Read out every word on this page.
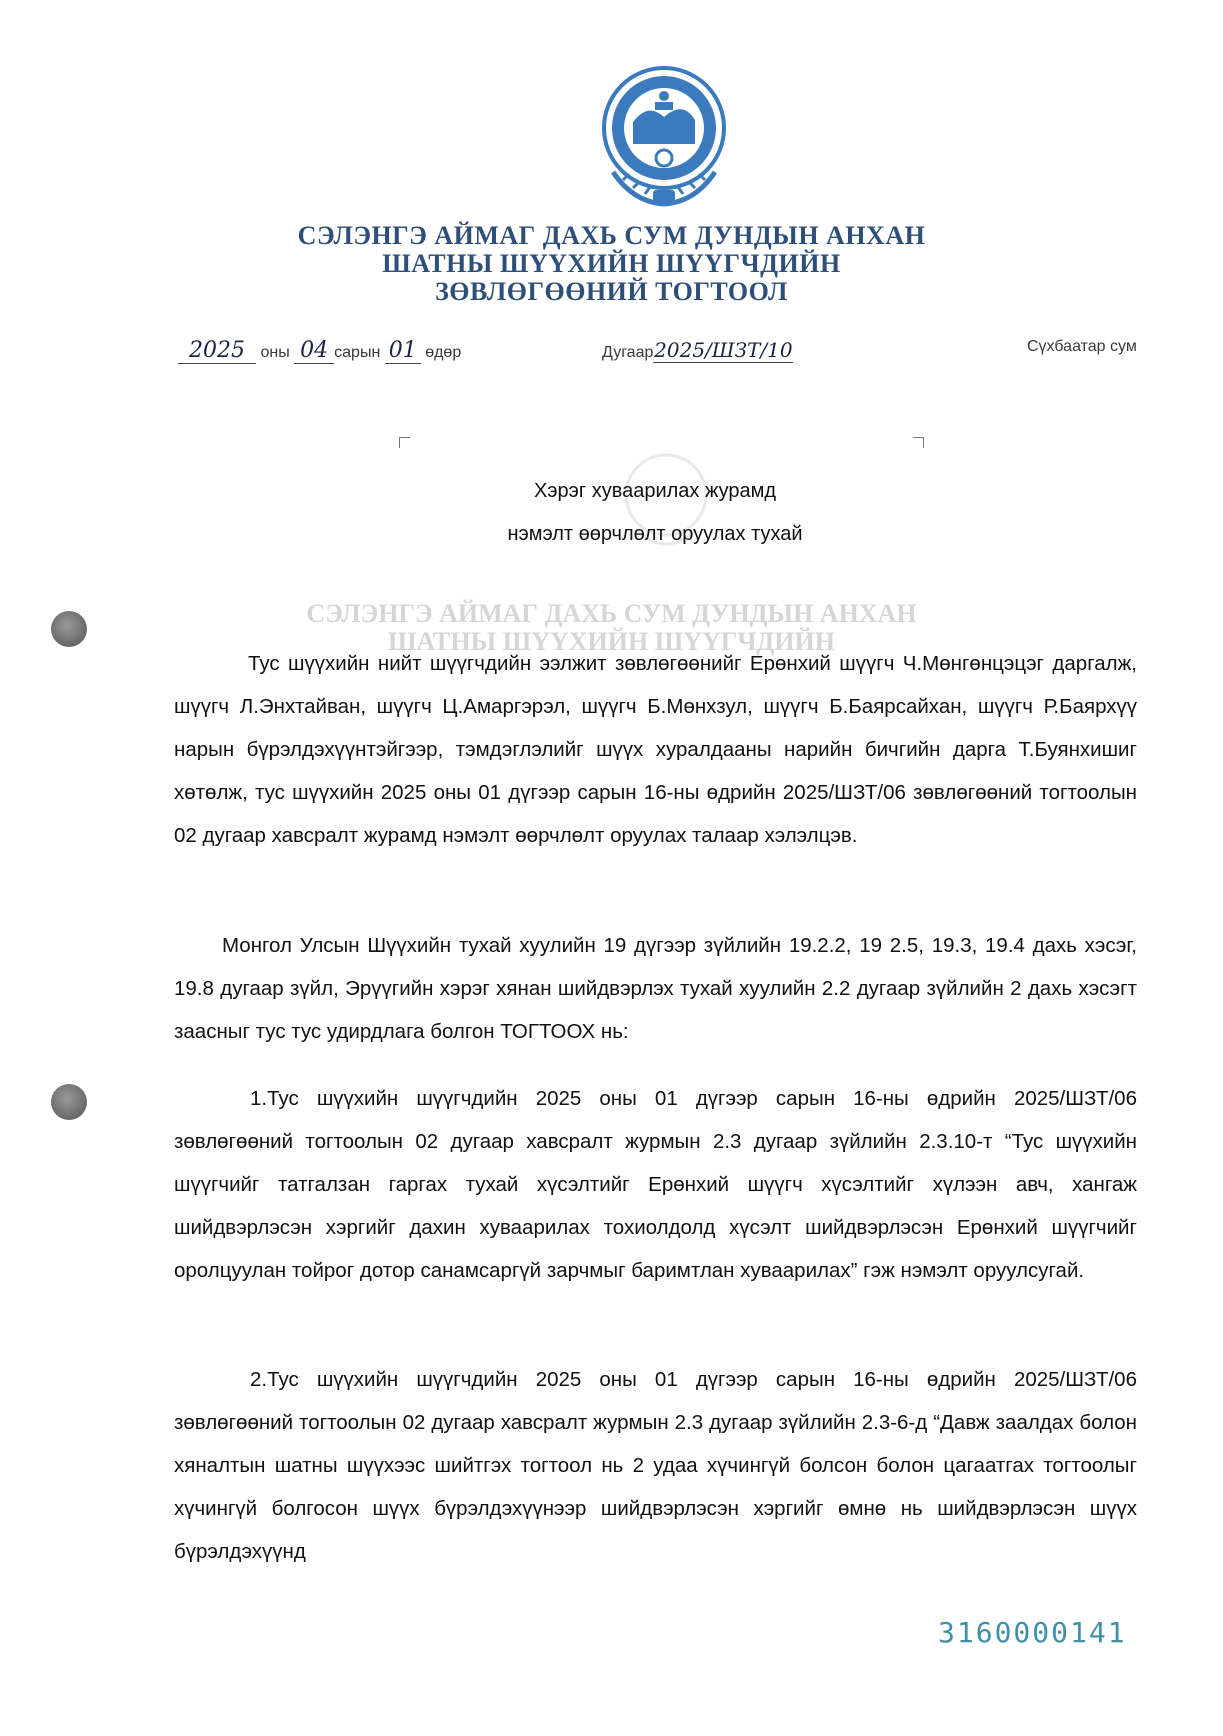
СЭЛЭНГЭ АЙМАГ ДАХЬ СУМ ДУНДЫН АНХАН
ШАТНЫ ШҮҮХИЙН ШҮҮГЧДИЙН
ЗӨВЛӨГӨӨНИЙ ТОГТООЛ
2025 оны 04 сарын 01 өдөр	Дугаар2025/ШЗТ/10	Сүхбаатар сум
СЭЛЭНГЭ АЙМАГ ДАХЬ СУМ ДУНДЫН АНХАН
ШАТНЫ ШҮҮХИЙН ШҮҮГЧДИЙН
Хэрэг хуваарилах журамд
нэмэлт өөрчлөлт оруулах тухай
Тус шүүхийн нийт шүүгчдийн ээлжит зөвлөгөөнийг Ерөнхий шүүгч Ч.Мөнгөнцэцэг даргалж, шүүгч Л.Энхтайван, шүүгч Ц.Амаргэрэл, шүүгч Б.Мөнхзул, шүүгч Б.Баярсайхан, шүүгч Р.Баярхүү нарын бүрэлдэхүүнтэйгээр, тэмдэглэлийг шүүх хуралдааны нарийн бичгийн дарга Т.Буянхишиг хөтөлж, тус шүүхийн 2025 оны 01 дүгээр сарын 16-ны өдрийн 2025/ШЗТ/06 зөвлөгөөний тогтоолын 02 дугаар хавсралт журамд нэмэлт өөрчлөлт оруулах талаар хэлэлцэв.
Монгол Улсын Шүүхийн тухай хуулийн 19 дүгээр зүйлийн 19.2.2, 19 2.5, 19.3, 19.4 дахь хэсэг, 19.8 дугаар зүйл, Эрүүгийн хэрэг хянан шийдвэрлэх тухай хуулийн 2.2 дугаар зүйлийн 2 дахь хэсэгт заасныг тус тус удирдлага болгон ТОГТООХ нь:
1.Тус шүүхийн шүүгчдийн 2025 оны 01 дүгээр сарын 16-ны өдрийн 2025/ШЗТ/06 зөвлөгөөний тогтоолын 02 дугаар хавсралт журмын 2.3 дугаар зүйлийн 2.3.10-т “Тус шүүхийн шүүгчийг татгалзан гаргах тухай хүсэлтийг Ерөнхий шүүгч хүсэлтийг хүлээн авч, хангаж шийдвэрлэсэн хэргийг дахин хуваарилах тохиолдолд хүсэлт шийдвэрлэсэн Ерөнхий шүүгчийг оролцуулан тойрог дотор санамсаргүй зарчмыг баримтлан хуваарилах” гэж нэмэлт оруулсугай.
2.Тус шүүхийн шүүгчдийн 2025 оны 01 дүгээр сарын 16-ны өдрийн 2025/ШЗТ/06 зөвлөгөөний тогтоолын 02 дугаар хавсралт журмын 2.3 дугаар зүйлийн 2.3-6-д “Давж заалдах болон хяналтын шатны шүүхээс шийтгэх тогтоол нь 2 удаа хүчингүй болсон болон цагаатгах тогтоолыг хүчингүй болгосон шүүх бүрэлдэхүүнээр шийдвэрлэсэн хэргийг өмнө нь шийдвэрлэсэн шүүх бүрэлдэхүүнд
3160000141
